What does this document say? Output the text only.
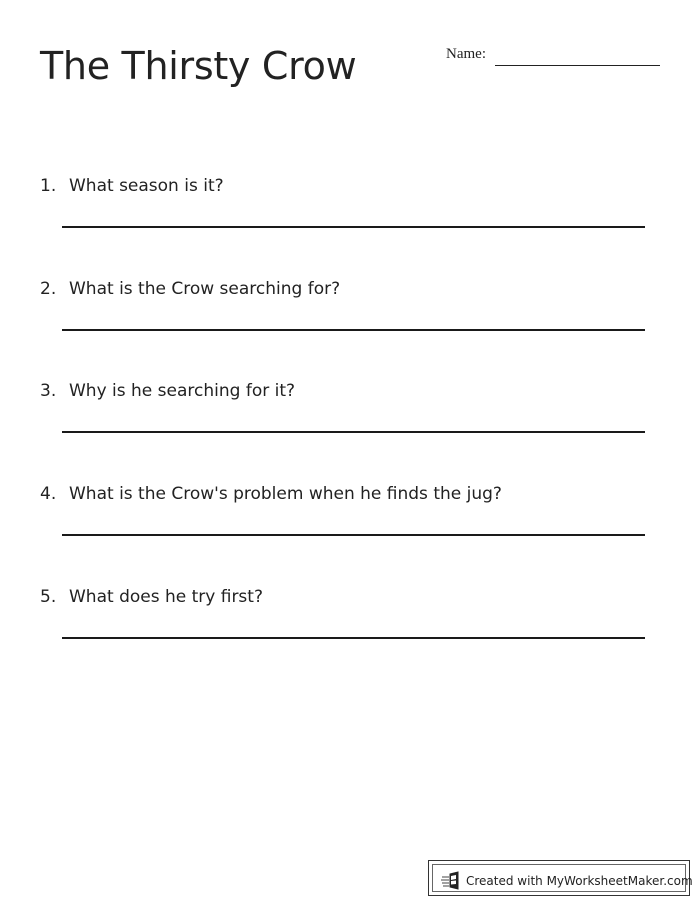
The Thirsty Crow	Name:
1. What season is it?
2. What is the Crow searching for?
3. Why is he searching for it?
4. What is the Crow's problem when he finds the jug?
5. What does he try first?
Created with MyWorksheetMaker.com
